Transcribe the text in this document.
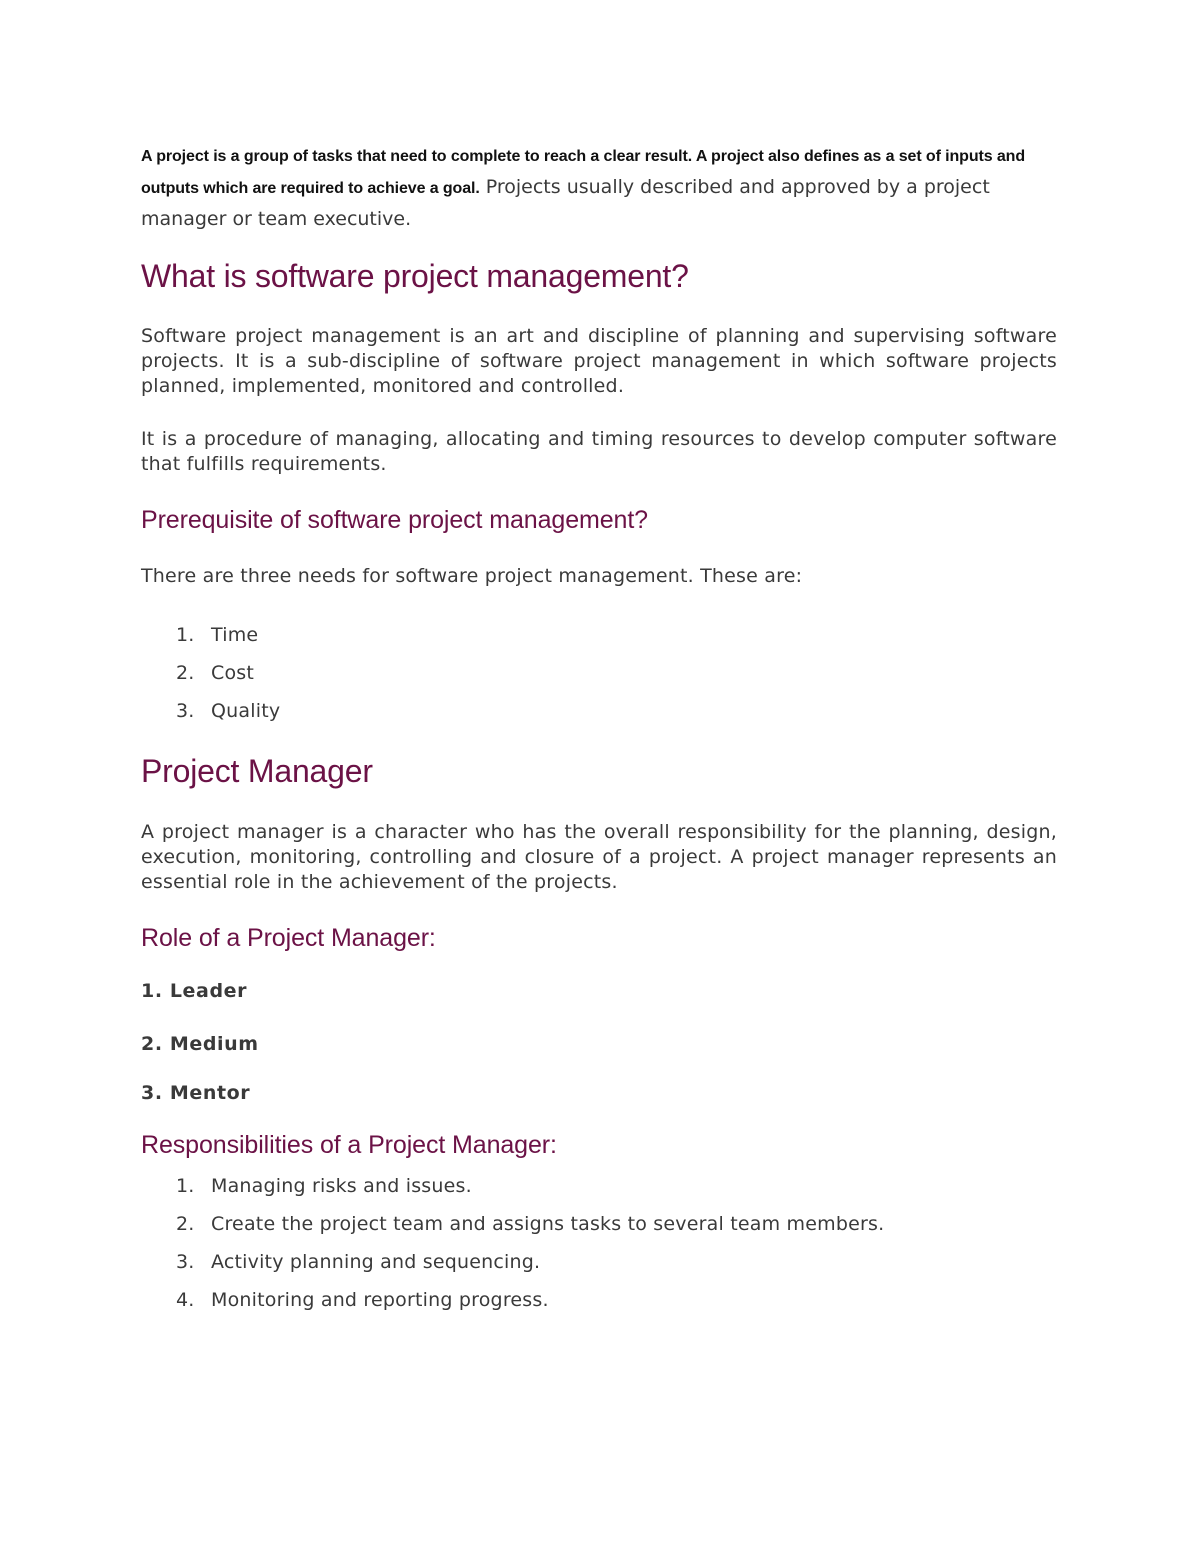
A project is a group of tasks that need to complete to reach a clear result. A project also defines as a set of inputs and outputs which are required to achieve a goal. Projects usually described and approved by a project manager or team executive.

What is software project management?

Software project management is an art and discipline of planning and supervising software projects. It is a sub-discipline of software project management in which software projects planned, implemented, monitored and controlled.

It is a procedure of managing, allocating and timing resources to develop computer software that fulfills requirements.

Prerequisite of software project management?

There are three needs for software project management. These are:

1. Time
2. Cost
3. Quality
Project Manager

A project manager is a character who has the overall responsibility for the planning, design, execution, monitoring, controlling and closure of a project. A project manager represents an essential role in the achievement of the projects.

Role of a Project Manager:
1. Leader
2. Medium
3. Mentor
Responsibilities of a Project Manager:
1. Managing risks and issues.
2. Create the project team and assigns tasks to several team members.
3. Activity planning and sequencing.
4. Monitoring and reporting progress.
